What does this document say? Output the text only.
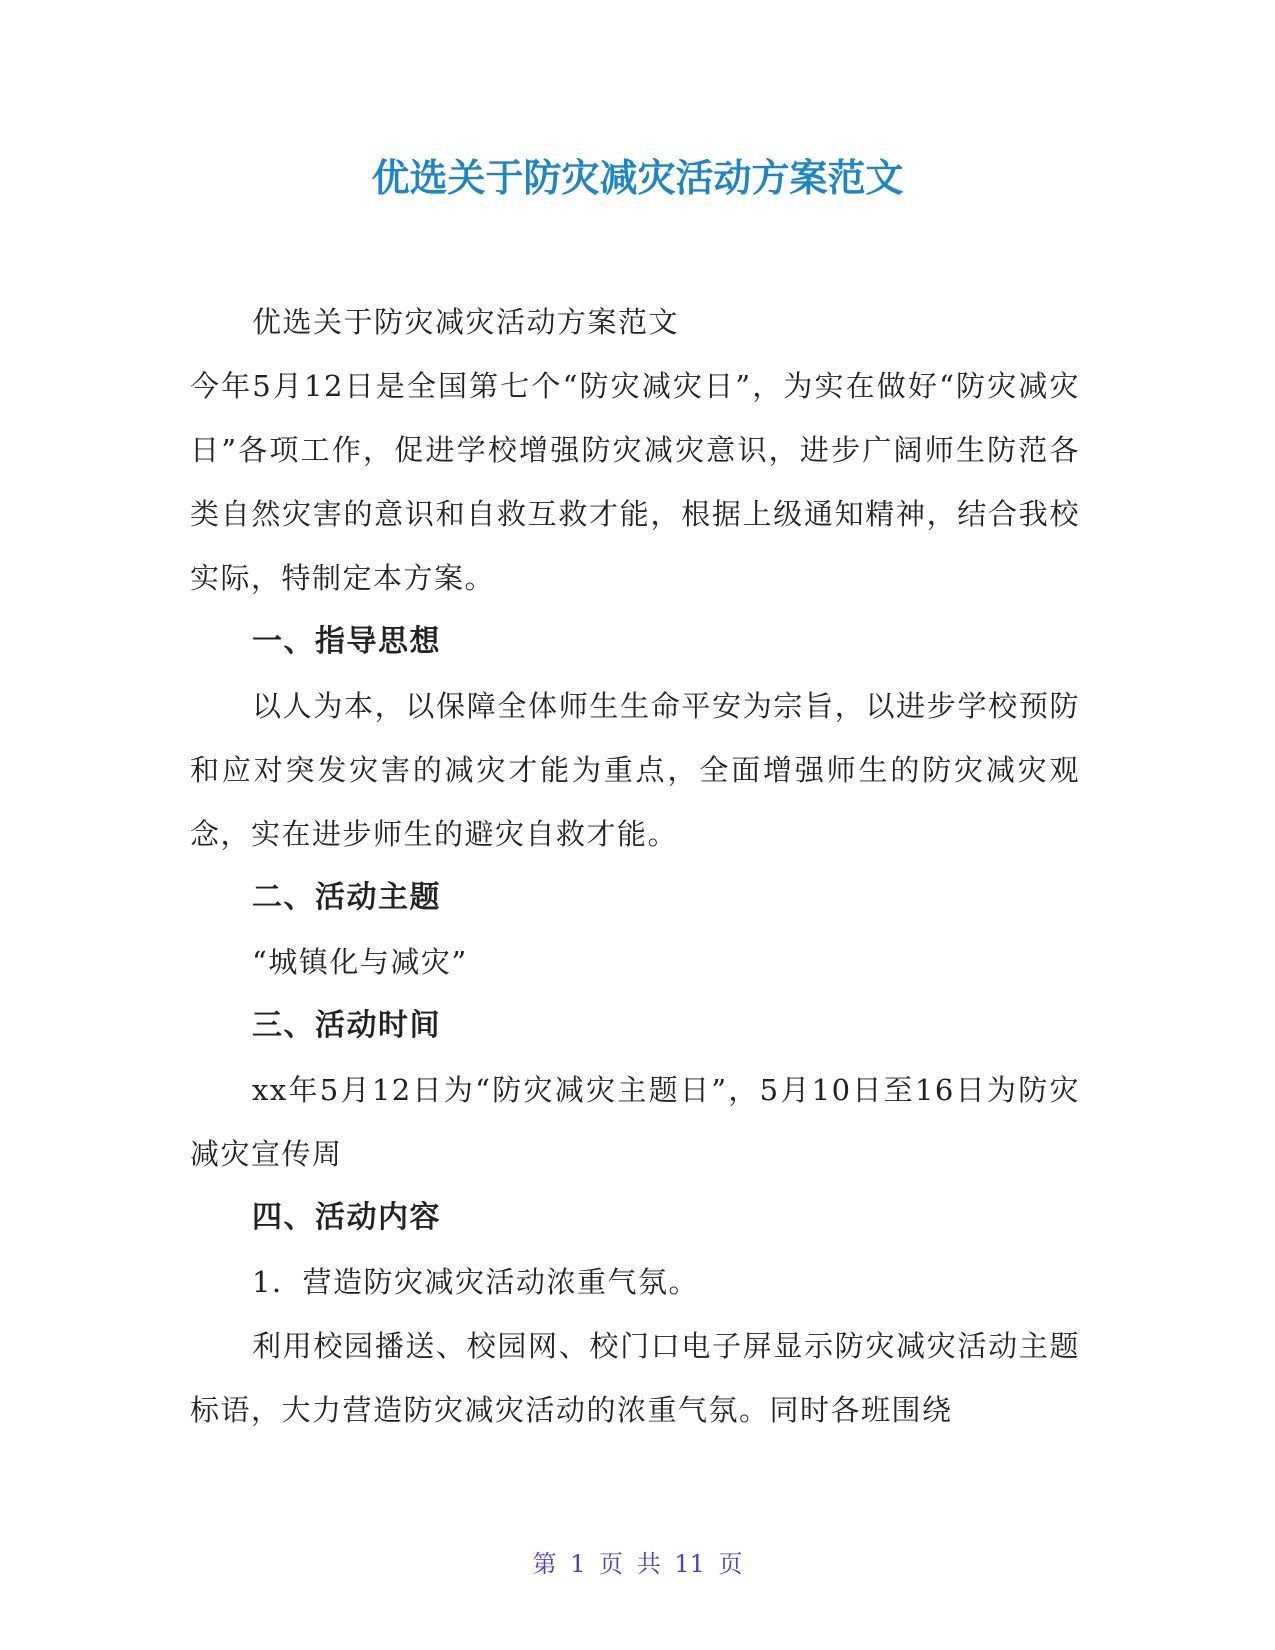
优选关于防灾减灾活动方案范文

优选关于防灾减灾活动方案范文

今年5月12日是全国第七个“防灾减灾日”，为实在做好“防灾减灾日”各项工作，促进学校增强防灾减灾意识，进步广阔师生防范各类自然灾害的意识和自救互救才能，根据上级通知精神，结合我校实际，特制定本方案。

一、指导思想

以人为本，以保障全体师生生命平安为宗旨，以进步学校预防和应对突发灾害的减灾才能为重点，全面增强师生的防灾减灾观念，实在进步师生的避灾自救才能。

二、活动主题

“城镇化与减灾”

三、活动时间

xx年5月12日为“防灾减灾主题日”，5月10日至16日为防灾减灾宣传周

四、活动内容

1．营造防灾减灾活动浓重气氛。

利用校园播送、校园网、校门口电子屏显示防灾减灾活动主题标语，大力营造防灾减灾活动的浓重气氛。同时各班围绕

第 1 页 共 11 页
